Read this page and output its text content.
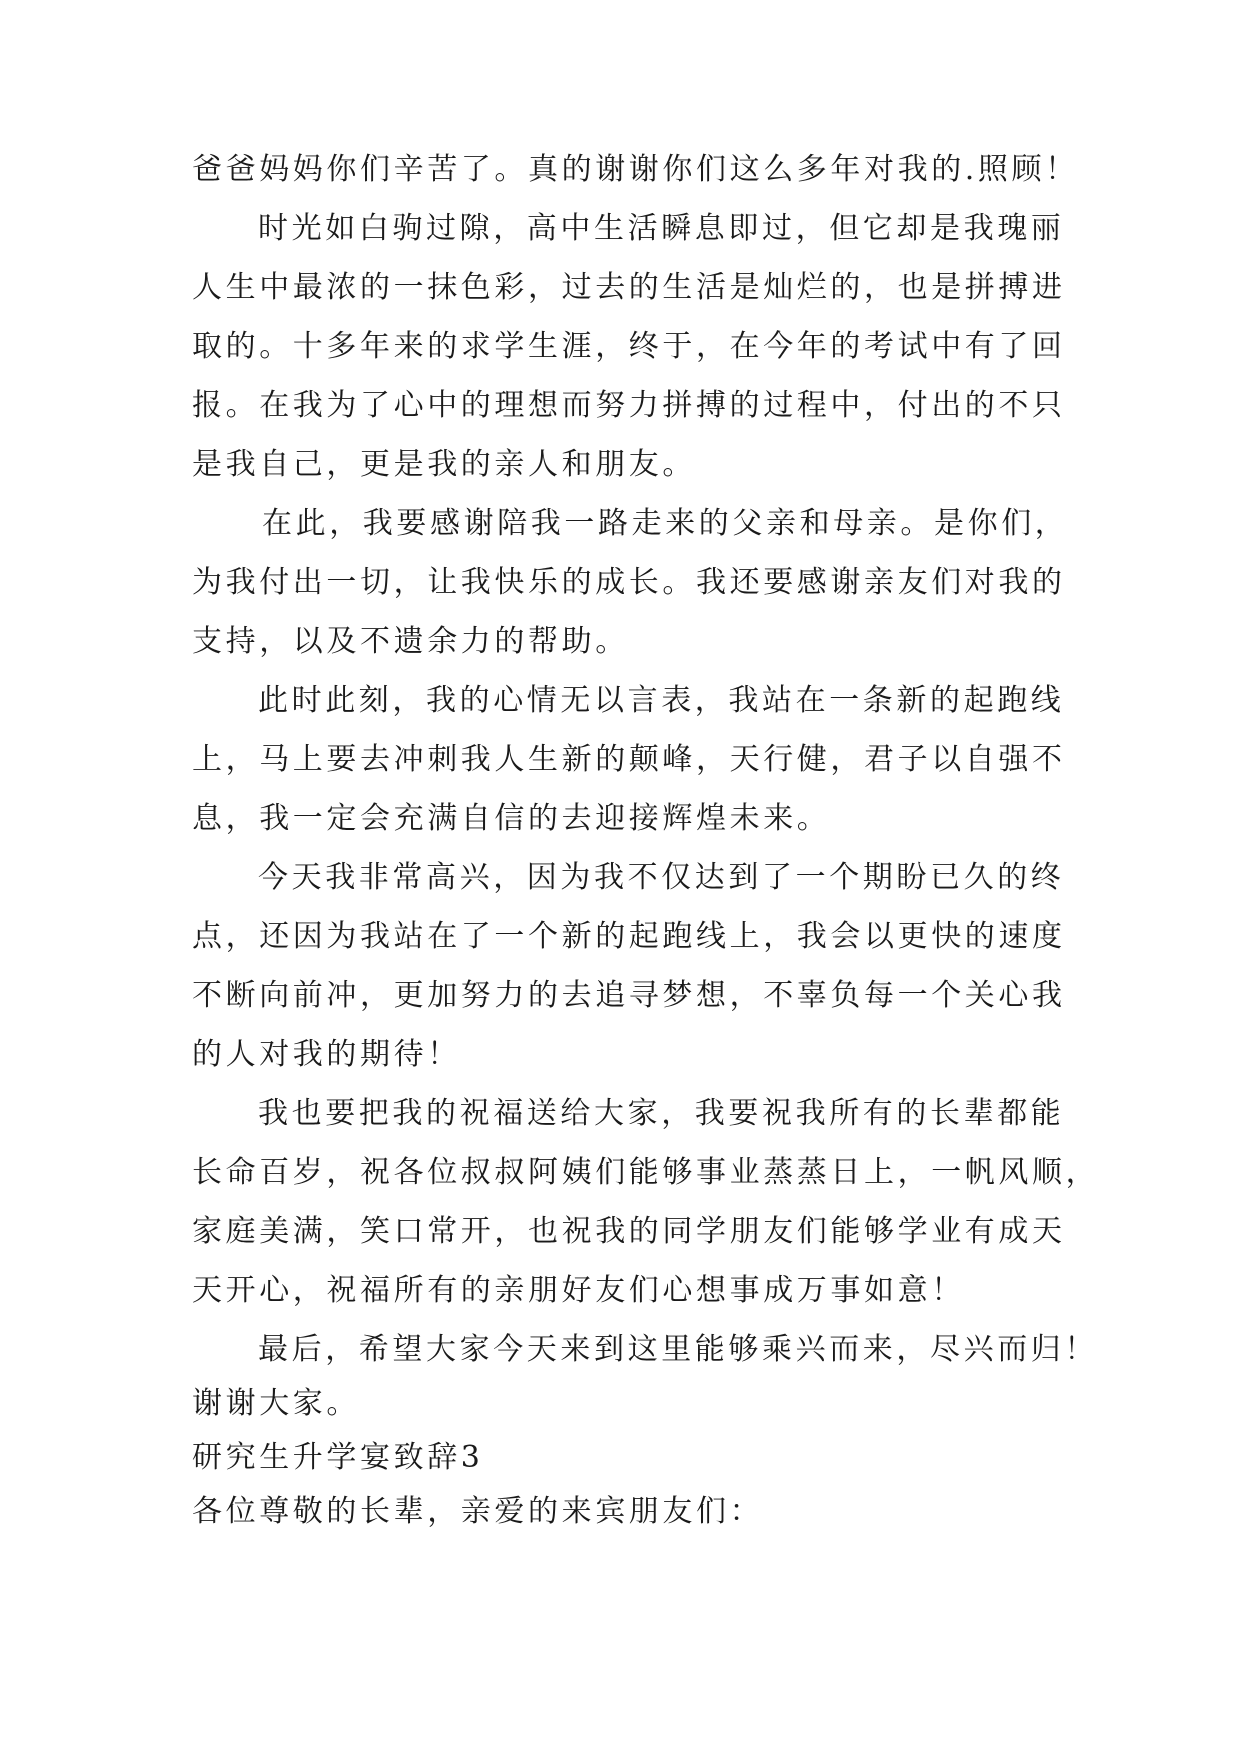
爸爸妈妈你们辛苦了。真的谢谢你们这么多年对我的.照顾！
时光如白驹过隙，高中生活瞬息即过，但它却是我瑰丽
人生中最浓的一抹色彩，过去的生活是灿烂的，也是拼搏进
取的。十多年来的求学生涯，终于，在今年的考试中有了回
报。在我为了心中的理想而努力拼搏的过程中，付出的不只
是我自己，更是我的亲人和朋友。
在此，我要感谢陪我一路走来的父亲和母亲。是你们，
为我付出一切，让我快乐的成长。我还要感谢亲友们对我的
支持，以及不遗余力的帮助。
此时此刻，我的心情无以言表，我站在一条新的起跑线
上，马上要去冲刺我人生新的颠峰，天行健，君子以自强不
息，我一定会充满自信的去迎接辉煌未来。
今天我非常高兴，因为我不仅达到了一个期盼已久的终
点，还因为我站在了一个新的起跑线上，我会以更快的速度
不断向前冲，更加努力的去追寻梦想，不辜负每一个关心我
的人对我的期待！
我也要把我的祝福送给大家，我要祝我所有的长辈都能
长命百岁，祝各位叔叔阿姨们能够事业蒸蒸日上，一帆风顺，
家庭美满，笑口常开，也祝我的同学朋友们能够学业有成天
天开心，祝福所有的亲朋好友们心想事成万事如意！
最后，希望大家今天来到这里能够乘兴而来，尽兴而归！
谢谢大家。
研究生升学宴致辞3
各位尊敬的长辈，亲爱的来宾朋友们：
